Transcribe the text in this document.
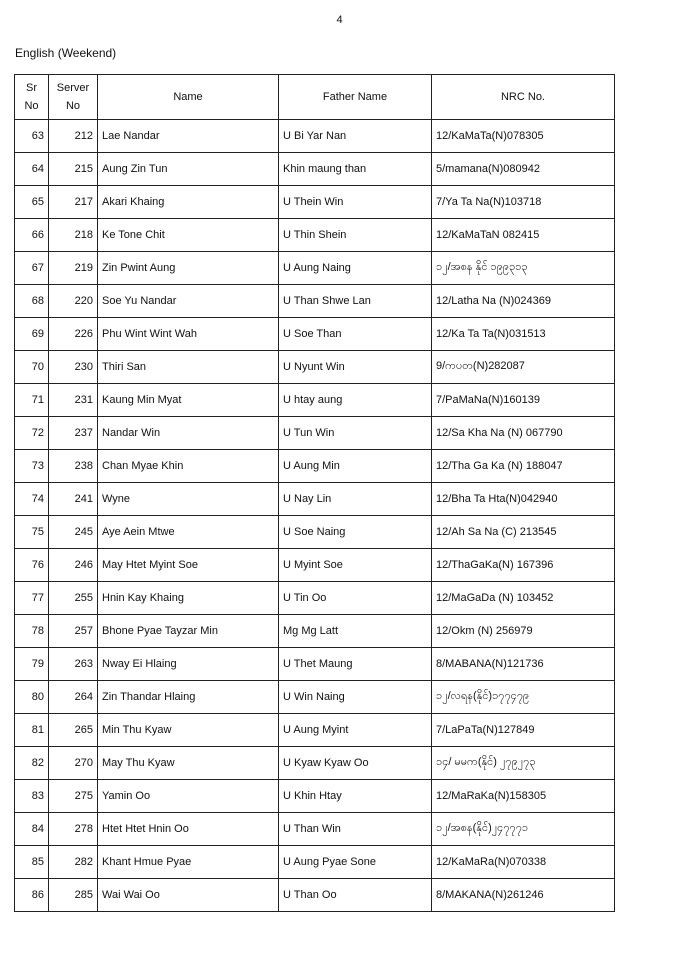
4
English (Weekend)
Sr No	Server No	Name	Father Name	NRC No.
63	212	Lae Nandar	U Bi Yar Nan	12/KaMaTa(N)078305
64	215	Aung Zin Tun	Khin maung than	5/mamana(N)080942
65	217	Akari Khaing	U Thein Win	7/Ya Ta Na(N)103718
66	218	Ke Tone Chit	U Thin Shein	12/KaMaTaN 082415
67	219	Zin Pwint Aung	U Aung Naing	၁၂/အစန နိုင် ၁၉၉၃၁၃
68	220	Soe Yu Nandar	U Than Shwe Lan	12/Latha Na (N)024369
69	226	Phu Wint Wint Wah	U Soe Than	12/Ka Ta Ta(N)031513
70	230	Thiri San	U Nyunt Win	9/ကပတ(N)282087
71	231	Kaung Min Myat	U htay aung	7/PaMaNa(N)160139
72	237	Nandar Win	U Tun Win	12/Sa Kha Na (N) 067790
73	238	Chan Myae Khin	U Aung Min	12/Tha Ga Ka (N) 188047
74	241	Wyne	U Nay Lin	12/Bha Ta Hta(N)042940
75	245	Aye Aein Mtwe	U Soe Naing	12/Ah Sa Na (C) 213545
76	246	May Htet Myint Soe	U Myint Soe	12/ThaGaKa(N) 167396
77	255	Hnin Kay Khaing	U Tin Oo	12/MaGaDa (N) 103452
78	257	Bhone Pyae Tayzar Min	Mg Mg Latt	12/Okm (N) 256979
79	263	Nway Ei Hlaing	U Thet Maung	8/MABANA(N)121736
80	264	Zin Thandar Hlaing	U Win Naing	၁၂/လရန(နိုင်)၁၇၇၄၇၉
81	265	Min Thu Kyaw	U Aung Myint	7/LaPaTa(N)127849
82	270	May Thu Kyaw	U Kyaw Kyaw Oo	၁၄/ မမက(နိုင်) ၂၇၉၂၇၃
83	275	Yamin Oo	U Khin Htay	12/MaRaKa(N)158305
84	278	Htet Htet Hnin Oo	U Than Win	၁၂/အစန(နိုင်)၂၄၇၇၇၁
85	282	Khant Hmue Pyae	U Aung Pyae Sone	12/KaMaRa(N)070338
86	285	Wai Wai Oo	U Than Oo	8/MAKANA(N)261246
